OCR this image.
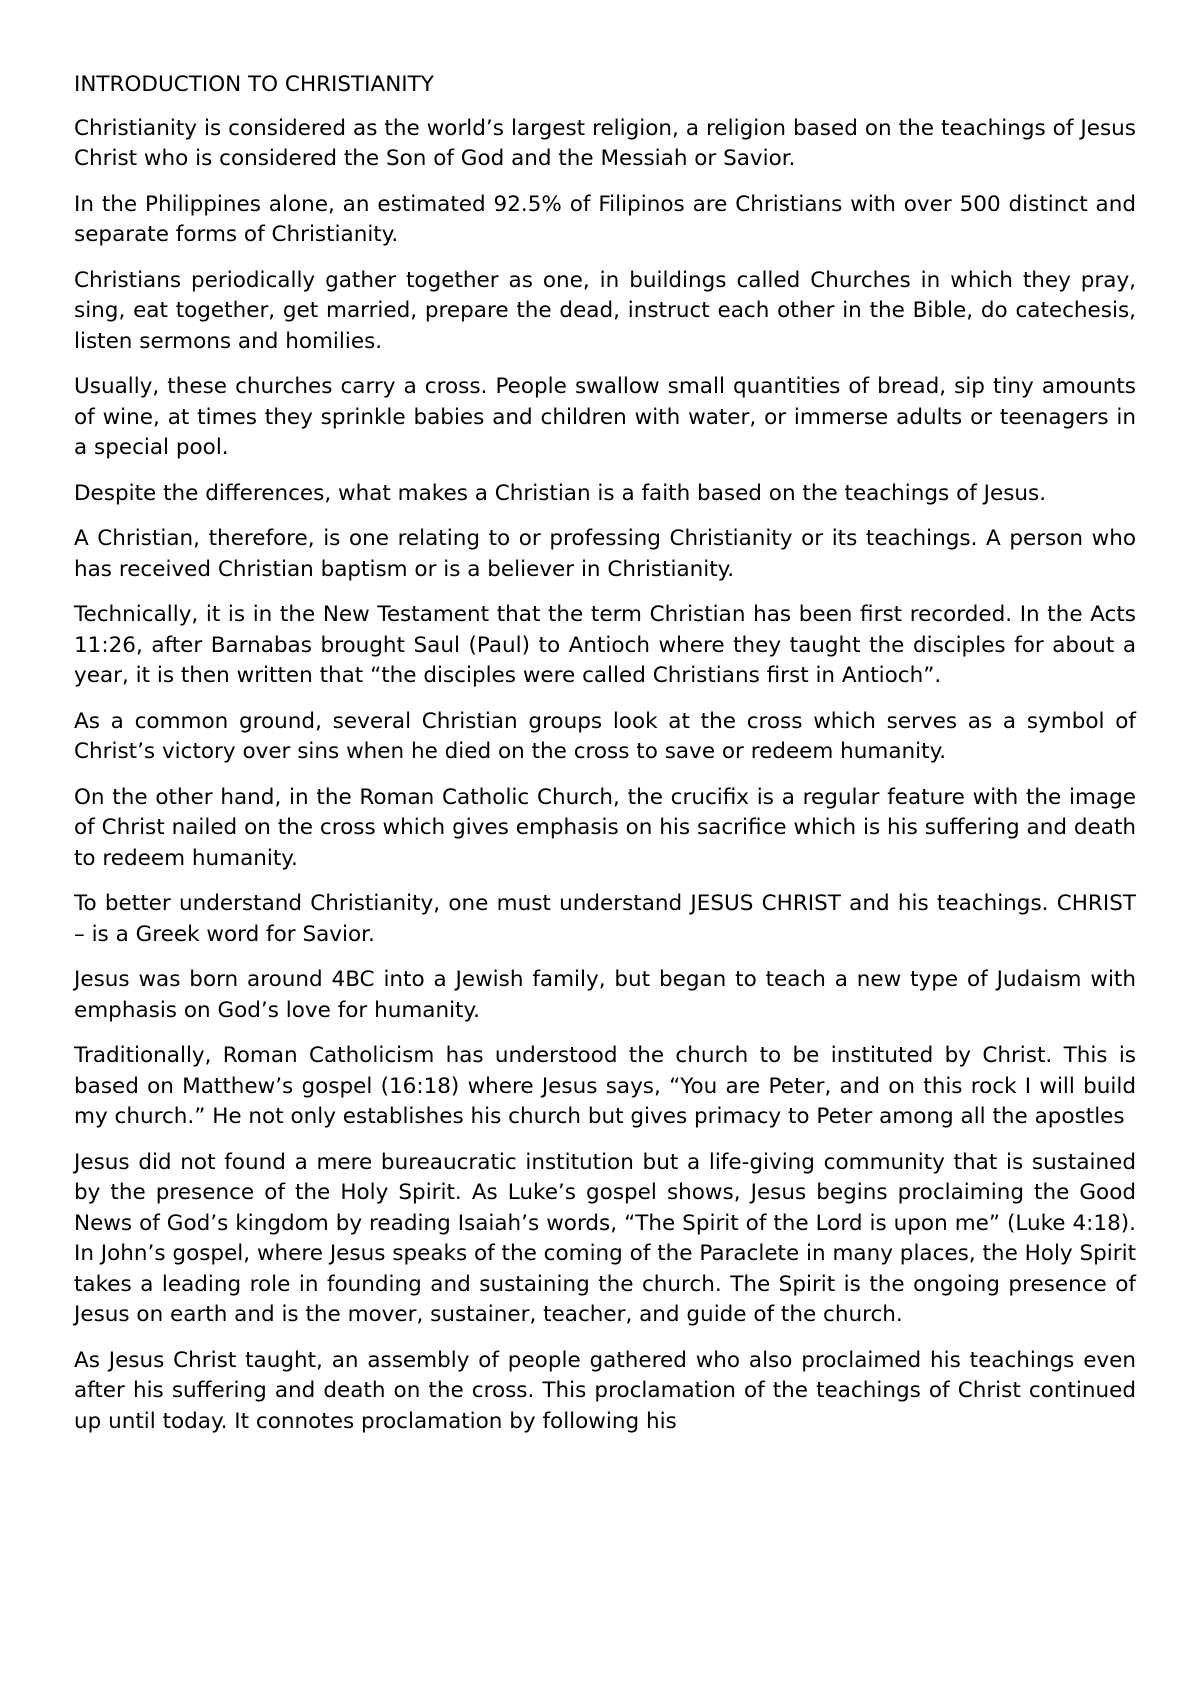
INTRODUCTION TO CHRISTIANITY

Christianity is considered as the world’s largest religion, a religion based on the teachings of Jesus Christ who is considered the Son of God and the Messiah or Savior.

In the Philippines alone, an estimated 92.5% of Filipinos are Christians with over 500 distinct and separate forms of Christianity.

Christians periodically gather together as one, in buildings called Churches in which they pray, sing, eat together, get married, prepare the dead, instruct each other in the Bible, do catechesis, listen sermons and homilies.

Usually, these churches carry a cross. People swallow small quantities of bread, sip tiny amounts of wine, at times they sprinkle babies and children with water, or immerse adults or teenagers in a special pool.

Despite the differences, what makes a Christian is a faith based on the teachings of Jesus.

A Christian, therefore, is one relating to or professing Christianity or its teachings. A person who has received Christian baptism or is a believer in Christianity.

Technically, it is in the New Testament that the term Christian has been first recorded. In the Acts 11:26, after Barnabas brought Saul (Paul) to Antioch where they taught the disciples for about a year, it is then written that “the disciples were called Christians first in Antioch”.

As a common ground, several Christian groups look at the cross which serves as a symbol of Christ’s victory over sins when he died on the cross to save or redeem humanity.

On the other hand, in the Roman Catholic Church, the crucifix is a regular feature with the image of Christ nailed on the cross which gives emphasis on his sacrifice which is his suffering and death to redeem humanity.

To better understand Christianity, one must understand JESUS CHRIST and his teachings. CHRIST – is a Greek word for Savior.

Jesus was born around 4BC into a Jewish family, but began to teach a new type of Judaism with emphasis on God’s love for humanity.

Traditionally, Roman Catholicism has understood the church to be instituted by Christ. This is based on Matthew’s gospel (16:18) where Jesus says, “You are Peter, and on this rock I will build my church.” He not only establishes his church but gives primacy to Peter among all the apostles

Jesus did not found a mere bureaucratic institution but a life-giving community that is sustained by the presence of the Holy Spirit. As Luke’s gospel shows, Jesus begins proclaiming the Good News of God’s kingdom by reading Isaiah’s words, “The Spirit of the Lord is upon me” (Luke 4:18). In John’s gospel, where Jesus speaks of the coming of the Paraclete in many places, the Holy Spirit takes a leading role in founding and sustaining the church. The Spirit is the ongoing presence of Jesus on earth and is the mover, sustainer, teacher, and guide of the church.

As Jesus Christ taught, an assembly of people gathered who also proclaimed his teachings even after his suffering and death on the cross. This proclamation of the teachings of Christ continued up until today. It connotes proclamation by following his
